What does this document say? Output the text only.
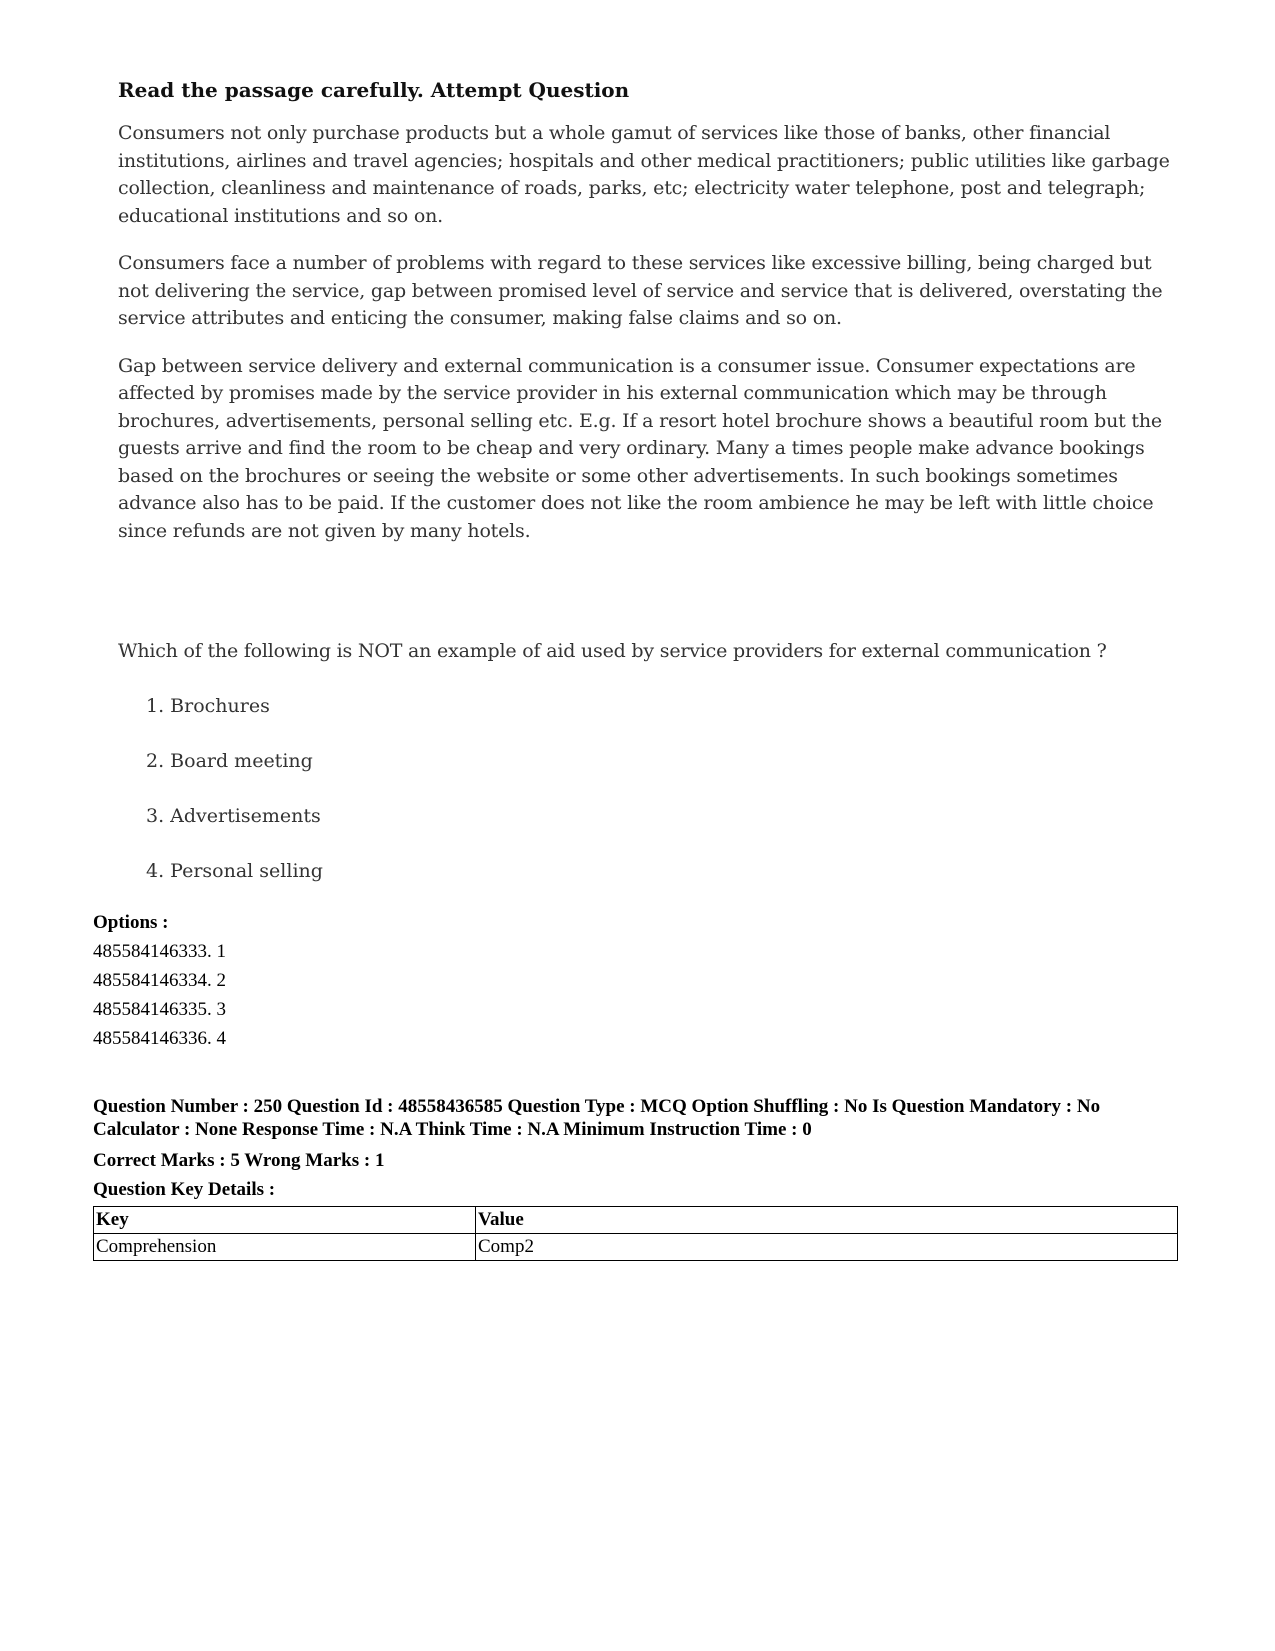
Read the passage carefully. Attempt Question

Consumers not only purchase products but a whole gamut of services like those of banks, other financial institutions, airlines and travel agencies; hospitals and other medical practitioners; public utilities like garbage collection, cleanliness and maintenance of roads, parks, etc; electricity water telephone, post and telegraph; educational institutions and so on.

Consumers face a number of problems with regard to these services like excessive billing, being charged but not delivering the service, gap between promised level of service and service that is delivered, overstating the service attributes and enticing the consumer, making false claims and so on.

Gap between service delivery and external communication is a consumer issue. Consumer expectations are affected by promises made by the service provider in his external communication which may be through brochures, advertisements, personal selling etc. E.g. If a resort hotel brochure shows a beautiful room but the guests arrive and find the room to be cheap and very ordinary. Many a times people make advance bookings based on the brochures or seeing the website or some other advertisements. In such bookings sometimes advance also has to be paid. If the customer does not like the room ambience he may be left with little choice since refunds are not given by many hotels.

Which of the following is NOT an example of aid used by service providers for external communication ?
1. Brochures
2. Board meeting
3. Advertisements
4. Personal selling
Options :
485584146333. 1
485584146334. 2
485584146335. 3
485584146336. 4
Question Number : 250 Question Id : 48558436585 Question Type : MCQ Option Shuffling : No Is Question Mandatory : No Calculator : None Response Time : N.A Think Time : N.A Minimum Instruction Time : 0
Correct Marks : 5 Wrong Marks : 1
Question Key Details :
Key	Value
Comprehension	Comp2
